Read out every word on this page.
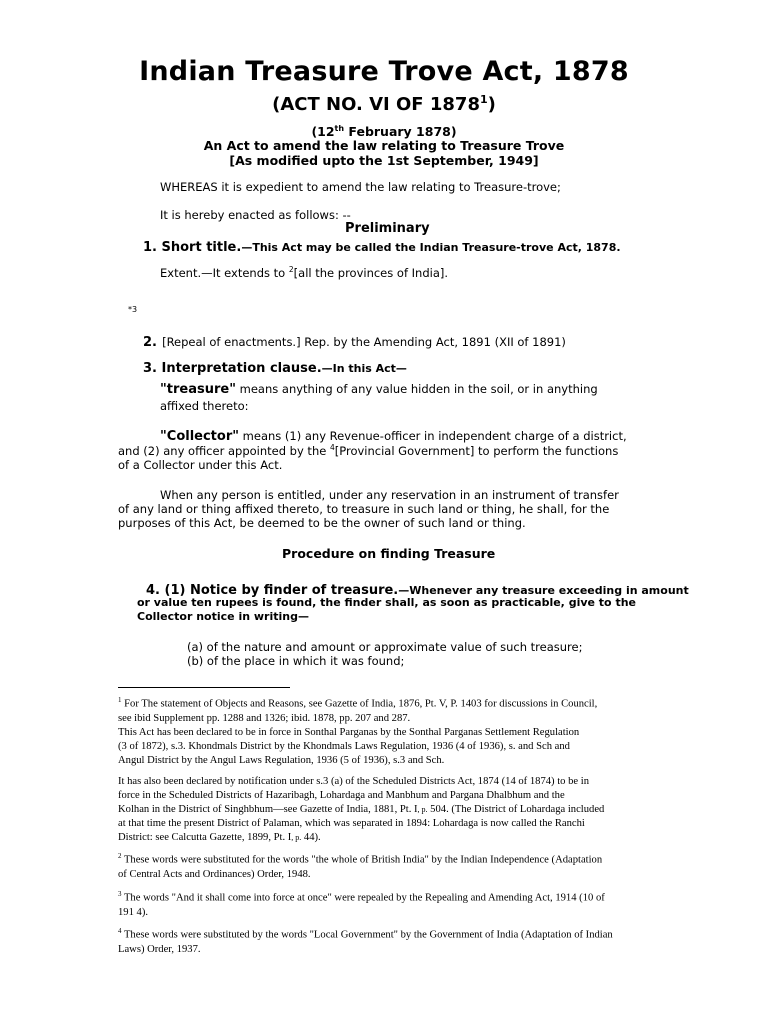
Indian Treasure Trove Act, 1878
(ACT NO. VI OF 1878$^1$)
(12th February 1878)
An Act to amend the law relating to Treasure Trove
[As modified upto the 1st September, 1949]
WHEREAS it is expedient to amend the law relating to Treasure-trove;
It is hereby enacted as follows: --
Preliminary
1. Short title.—This Act may be called the Indian Treasure-trove Act, 1878.
Extent.—It extends to $^2$[all the provinces of India].
*3
2. [Repeal of enactments.] Rep. by the Amending Act, 1891 (XII of 1891)
3. Interpretation clause.—In this Act—
"treasure" means anything of any value hidden in the soil, or in anything
affixed thereto:
"Collector" means (1) any Revenue-officer in independent charge of a district,
and (2) any officer appointed by the $^4$[Provincial Government] to perform the functions
of a Collector under this Act.
When any person is entitled, under any reservation in an instrument of transfer
of any land or thing affixed thereto, to treasure in such land or thing, he shall, for the
purposes of this Act, be deemed to be the owner of such land or thing.
Procedure on finding Treasure
4. (1) Notice by finder of treasure.—Whenever any treasure exceeding in amount
or value ten rupees is found, the finder shall, as soon as practicable, give to the
Collector notice in writing—
(a) of the nature and amount or approximate value of such treasure;
(b) of the place in which it was found;
$^1$ For The statement of Objects and Reasons, see Gazette of India, 1876, Pt. V, P. 1403 for discussions in Council,
see ibid Supplement pp. 1288 and 1326; ibid. 1878, pp. 207 and 287.
This Act has been declared to be in force in Sonthal Parganas by the Sonthal Parganas Settlement Regulation
(3 of 1872), s.3. Khondmals District by the Khondmals Laws Regulation, 1936 (4 of 1936), s. and Sch and
Angul District by the Angul Laws Regulation, 1936 (5 of 1936), s.3 and Sch.
It has also been declared by notification under s.3 (a) of the Scheduled Districts Act, 1874 (14 of 1874) to be in
force in the Scheduled Districts of Hazaribagh, Lohardaga and Manbhum and Pargana Dhalbhum and the
Kolhan in the District of Singhbhum—see Gazette of India, 1881, Pt. I, p. 504. (The District of Lohardaga included
at that time the present District of Palaman, which was separated in 1894: Lohardaga is now called the Ranchi
District: see Calcutta Gazette, 1899, Pt. I, p. 44).
$^2$ These words were substituted for the words "the whole of British India" by the Indian Independence (Adaptation
of Central Acts and Ordinances) Order, 1948.
$^3$ The words "And it shall come into force at once" were repealed by the Repealing and Amending Act, 1914 (10 of
191 4).
$^4$ These words were substituted by the words "Local Government" by the Government of India (Adaptation of Indian
Laws) Order, 1937.
